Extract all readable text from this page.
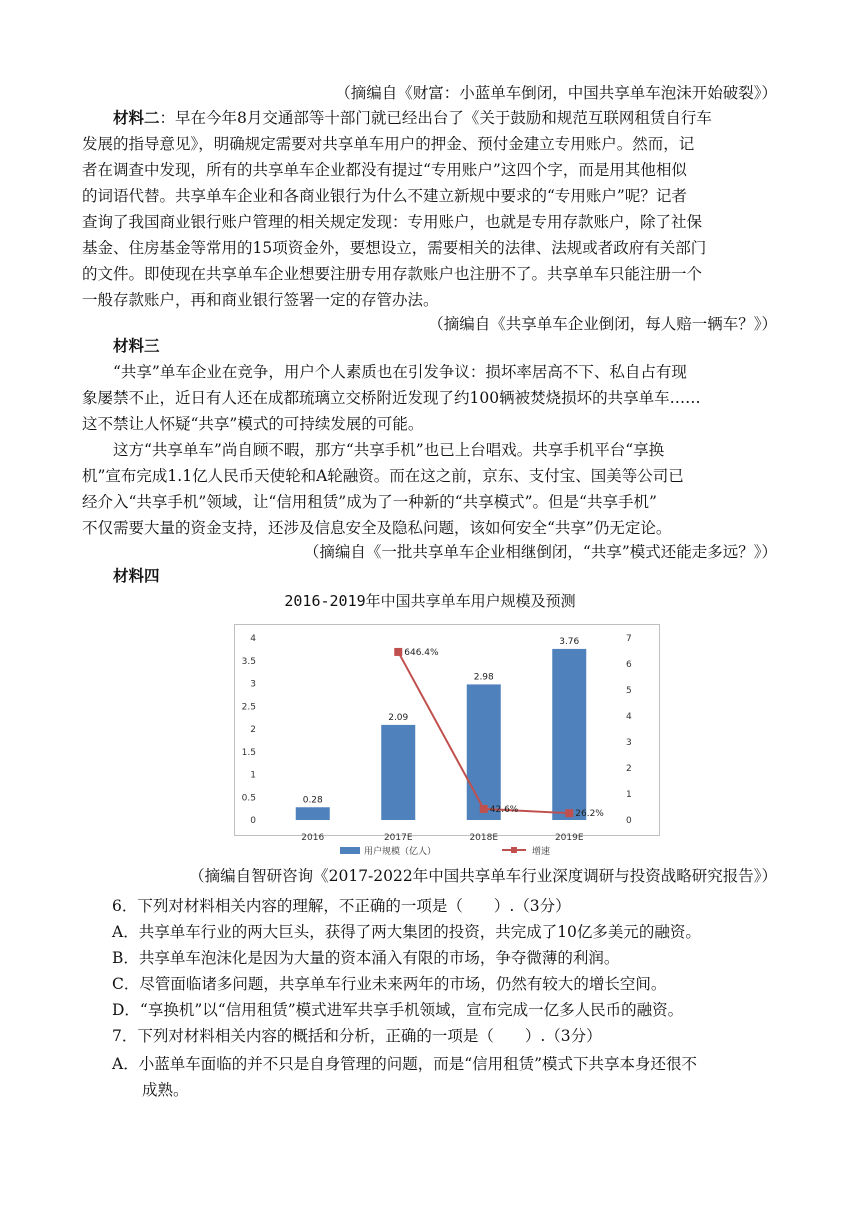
（摘编自《财富：小蓝单车倒闭，中国共享单车泡沫开始破裂》）
材料二：早在今年8月交通部等十部门就已经出台了《关于鼓励和规范互联网租赁自行车
发展的指导意见》，明确规定需要对共享单车用户的押金、预付金建立专用账户。然而，记
者在调查中发现，所有的共享单车企业都没有提过“专用账户”这四个字，而是用其他相似
的词语代替。共享单车企业和各商业银行为什么不建立新规中要求的“专用账户”呢？记者
查询了我国商业银行账户管理的相关规定发现：专用账户，也就是专用存款账户，除了社保
基金、住房基金等常用的15项资金外，要想设立，需要相关的法律、法规或者政府有关部门
的文件。即使现在共享单车企业想要注册专用存款账户也注册不了。共享单车只能注册一个
一般存款账户，再和商业银行签署一定的存管办法。
（摘编自《共享单车企业倒闭，每人赔一辆车？》）
材料三
“共享”单车企业在竞争，用户个人素质也在引发争议：损坏率居高不下、私自占有现
象屡禁不止，近日有人还在成都琉璃立交桥附近发现了约100辆被焚烧损坏的共享单车……
这不禁让人怀疑“共享”模式的可持续发展的可能。
这方“共享单车”尚自顾不暇，那方“共享手机”也已上台唱戏。共享手机平台“享换
机”宣布完成1.1亿人民币天使轮和A轮融资。而在这之前，京东、支付宝、国美等公司已
经介入“共享手机”领域，让“信用租赁”成为了一种新的“共享模式”。但是“共享手机”
不仅需要大量的资金支持，还涉及信息安全及隐私问题，该如何安全“共享”仍无定论。
（摘编自《一批共享单车企业相继倒闭，“共享”模式还能走多远？》）
材料四
2016-2019年中国共享单车用户规模及预测
0
0.5
1
1.5
2
2.5
3
3.5
4
0
1
2
3
4
5
6
7
0.28
2.09
2.98
3.76
646.4%
42.6%	26.2%
2016	2017E	2018E	2019E
用户规模（亿人）	增速
（摘编自智研咨询《2017-2022年中国共享单车行业深度调研与投资战略研究报告》）
6．下列对材料相关内容的理解，不正确的一项是（　　）.（3分）
A．共享单车行业的两大巨头，获得了两大集团的投资，共完成了10亿多美元的融资。
B．共享单车泡沫化是因为大量的资本涌入有限的市场，争夺微薄的利润。
C．尽管面临诸多问题，共享单车行业未来两年的市场，仍然有较大的增长空间。
D．“享换机”以“信用租赁”模式进军共享手机领域，宣布完成一亿多人民币的融资。
7．下列对材料相关内容的概括和分析，正确的一项是（　　）.（3分）
A．小蓝单车面临的并不只是自身管理的问题，而是“信用租赁”模式下共享本身还很不
成熟。
